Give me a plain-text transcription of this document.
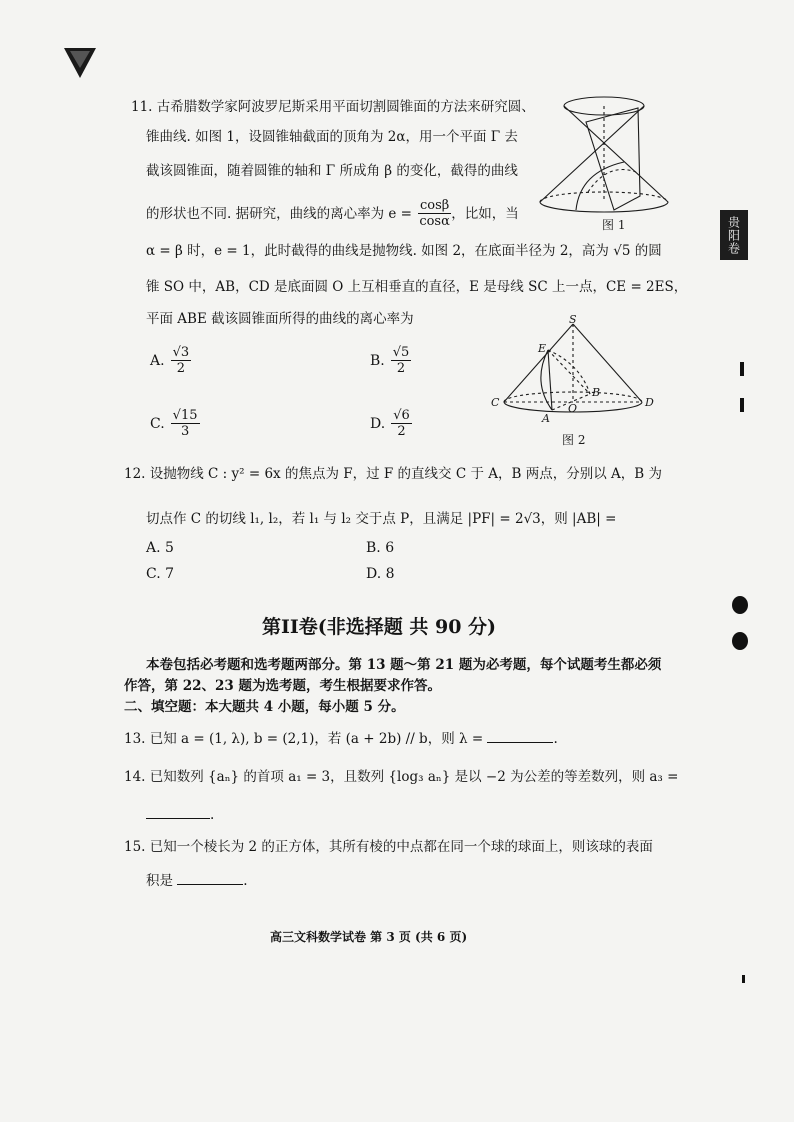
贵阳卷
11. 古希腊数学家阿波罗尼斯采用平面切割圆锥面的方法来研究圆、
锥曲线. 如图 1，设圆锥轴截面的顶角为 2α，用一个平面 Γ 去
截该圆锥面，随着圆锥的轴和 Γ 所成角 β 的变化，截得的曲线
的形状也不同. 据研究，曲线的离心率为 $e = \frac{\cos\beta}{\cos\alpha}$ ，比如，当
α = β 时，e = 1，此时截得的曲线是抛物线. 如图 2，在底面半径为 2，高为 √5 的圆
锥 SO 中，AB，CD 是底面圆 O 上互相垂直的直径，E 是母线 SC 上一点，CE = 2ES，
平面 ABE 截该圆锥面所得的曲线的离心率为
图 1
S
E
C	D
A
B
O
图 2
A. $\frac{√3}{2}$	B. $\frac{√5}{2}$
C. $\frac{√15}{3}$	D. $\frac{√6}{2}$
12. 设抛物线 C : y² = 6x 的焦点为 F，过 F 的直线交 C 于 A，B 两点，分别以 A，B 为
切点作 C 的切线 l₁, l₂，若 l₁ 与 l₂ 交于点 P，且满足 |PF| = 2√3，则 |AB| =
A. 5	B. 6
C. 7	D. 8
第II卷(非选择题 共 90 分)
本卷包括必考题和选考题两部分。第 13 题～第 21 题为必考题，每个试题考生都必须
作答，第 22、23 题为选考题，考生根据要求作答。
二、填空题：本大题共 4 小题，每小题 5 分。
13. 已知 a = (1, λ), b = (2,1)，若 (a + 2b) // b，则 λ =	.
14. 已知数列 {aₙ} 的首项 a₁ = 3，且数列 {log₃ aₙ} 是以 −2 为公差的等差数列，则 a₃ =
.
15. 已知一个棱长为 2 的正方体，其所有棱的中点都在同一个球的球面上，则该球的表面
积是	.
高三文科数学试卷 第 3 页 (共 6 页)
